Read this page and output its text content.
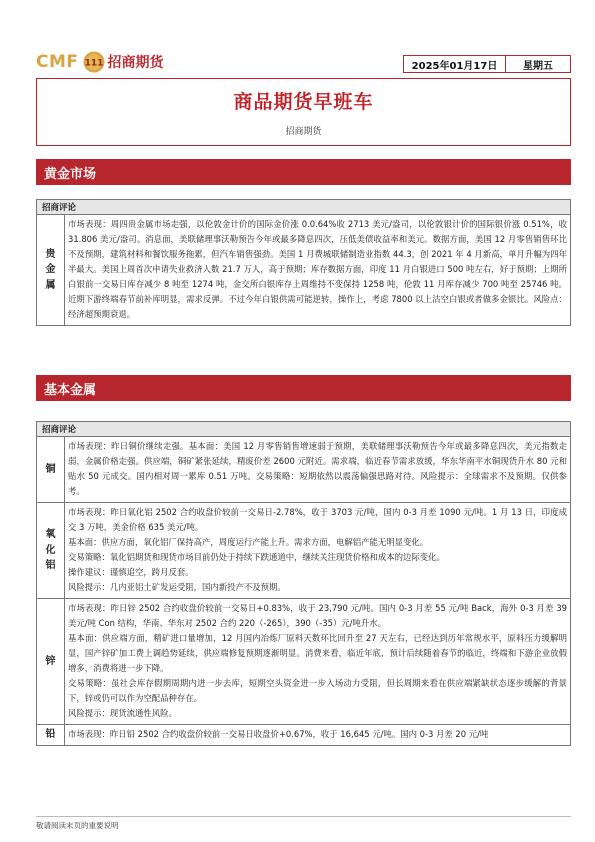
CMF 111 招商期货	2025年01月17日	星期五
商品期货早班车
招商期货
黄金市场
招商评论
贵
金
属
市场表现：周四贵金属市场走强，以伦敦金计价的国际金价涨 0.0.64%收 2713 美元/盎司，以伦敦银计价的国际银价涨 0.51%，收 31.806 美元/盎司。消息面，美联储理事沃勒预告今年或最多降息四次，压低美债收益率和美元。数据方面，美国 12 月零售销售环比不及预期，建筑材料和餐饮服务拖累，但汽车销售强劲。美国 1 月费城联储制造业指数 44.3，创 2021 年 4 月新高，单月升幅为四年半最大。美国上周首次申请失业救济人数 21.7 万人，高于预期；库存数据方面，印度 11 月白银进口 500 吨左右，好于预期；上期所白银前一交易日库存减少 8 吨至 1274 吨，金交所白银库存上周维持不变保持 1258 吨，伦敦 11 月库存减少 700 吨至 25746 吨。近期下游终端春节前补库明显，需求反弹。不过今年白银供需可能逆转，操作上，考虑 7800 以上沽空白银或者做多金银比。风险点：经济超预期衰退。
基本金属
招商评论
铜
市场表现：昨日铜价继续走强。基本面：美国 12 月零售销售增速弱于预期，美联储理事沃勒预告今年或最多降息四次，美元指数走弱，金属价格走强。供应端，铜矿紧张延续，精废价差 2600 元附近。需求端，临近春节需求放缓，华东华南平水铜现货升水 80 元和贴水 50 元成交。国内相对周一累库 0.51 万吨。交易策略：短期依然以震荡偏强思路对待。风险提示：全球需求不及预期。仅供参考。
氧
化
铝
市场表现：昨日氧化铝 2502 合约收盘价较前一交易日-2.78%，收于 3703 元/吨，国内 0-3 月差 1090 元/吨。1 月 13 日，印度成交 3 万吨，美金价格 635 美元/吨。
基本面：供应方面，氧化铝厂保持高产，周度运行产能上升。需求方面，电解铝产能无明显变化。
交易策略：氧化铝期货和现货市场目前仍处于持续下跌通道中，继续关注现货价格和成本的边际变化。
操作建议：谨慎追空，跨月反套。
风险提示：几内亚铝土矿发运受阻，国内新投产不及预期。
锌
市场表现：昨日锌 2502 合约收盘价较前一交易日+0.83%，收于 23,790 元/吨。国内 0-3 月差 55 元/吨 Back，海外 0-3 月差 39 美元/吨 Con 结构，华南、华东对 2502 合约 220（-265），390（-35）元/吨升水。
基本面：供应端方面，精矿进口量增加，12 月国内冶炼厂原料天数环比回升至 27 天左右，已经达到历年常规水平，原料压力缓解明显，国产锌矿加工费上调趋势延续，供应端修复预期逐渐明显。消费来看，临近年底，预计后续随着春节的临近，终端和下游企业放假增多，消费将进一步下降。
交易策略：虽社会库存假期周期内进一步去库，短期空头资金进一步入场动力受阻，但长周期来看在供应端紧缺状态逐步缓解的背景下，锌或仍可以作为空配品种存在。
风险提示：现货流通性风险。
铅 市场表现：昨日铅 2502 合约收盘价较前一交易日收盘价+0.67%，收于 16,645 元/吨。国内 0-3 月差 20 元/吨
敬请阅读末页的重要说明
